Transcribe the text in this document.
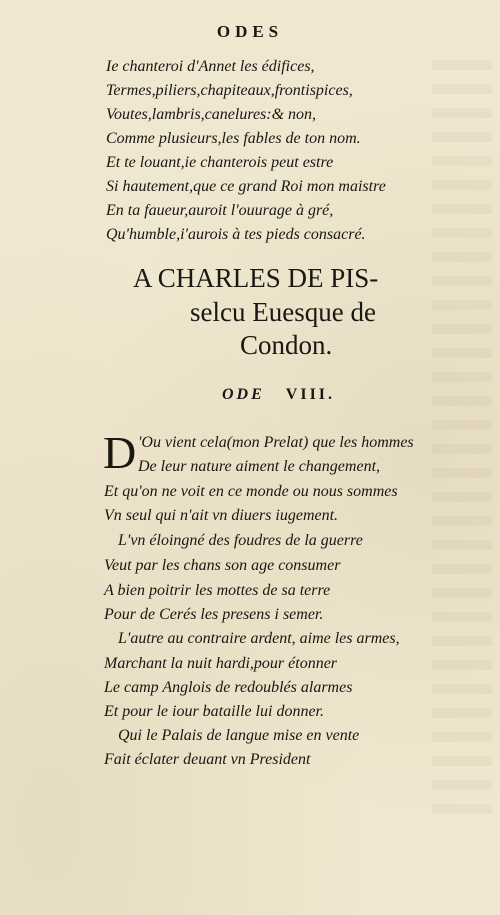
ODES

Ie chanteroi d'Annet les édifices,

Termes,piliers,chapiteaux,frontispices,

Voutes,lambris,canelures:& non,

Comme plusieurs,les fables de ton nom.

Et te louant,ie chanterois peut estre

Si hautement,que ce grand Roi mon maistre

En ta faueur,auroit l'ouurage à gré,

Qu'humble,i'aurois à tes pieds consacré.

A CHARLES DE PIS-
selcu Euesque de
Condon.
ODE VIII.
D 'Ou vient cela(mon Prelat) que les hommes

De leur nature aiment le changement,

Et qu'on ne voit en ce monde ou nous sommes

Vn seul qui n'ait vn diuers iugement.

L'vn éloingné des foudres de la guerre

Veut par les chans son age consumer

A bien poitrir les mottes de sa terre

Pour de Cerés les presens i semer.

L'autre au contraire ardent, aime les armes,

Marchant la nuit hardi,pour étonner

Le camp Anglois de redoublés alarmes

Et pour le iour bataille lui donner.

Qui le Palais de langue mise en vente

Fait éclater deuant vn President
